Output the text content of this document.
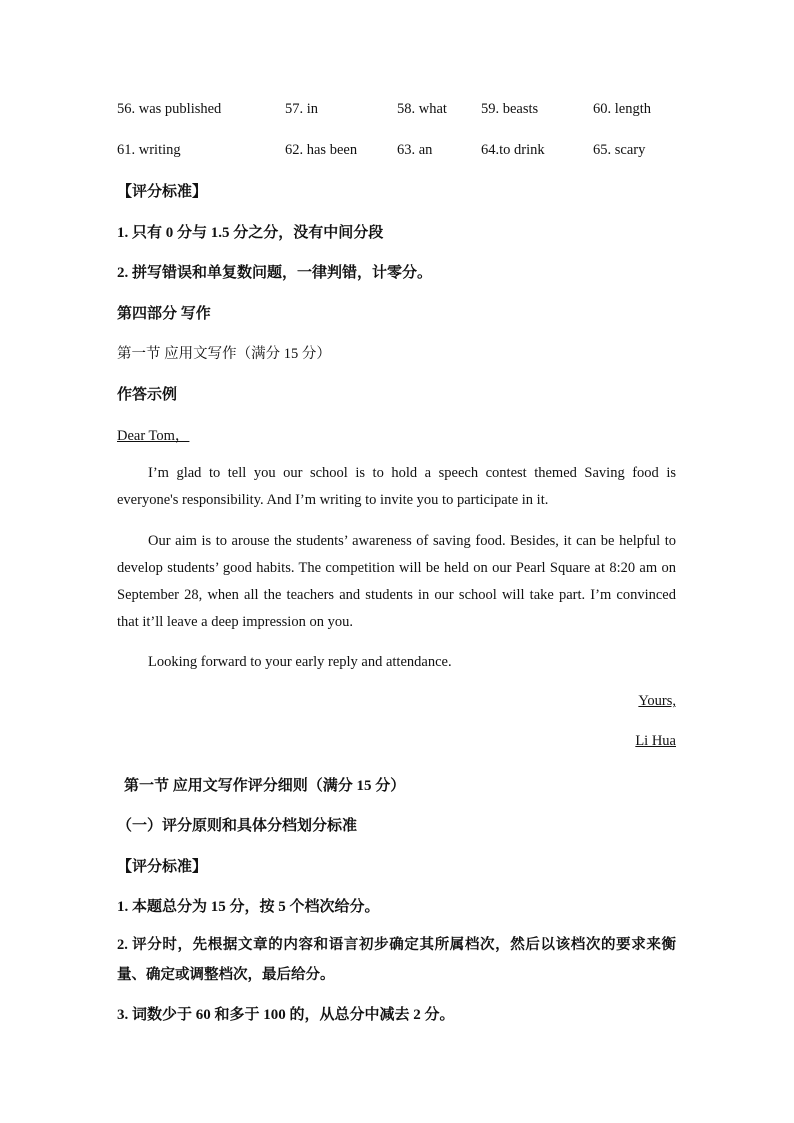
56. was published	57. in	58. what 59. beasts	60. length
61. writing	62. has been	63. an	64.to drink	65. scary
【评分标准】
1. 只有 0 分与 1.5 分之分，没有中间分段
2. 拼写错误和单复数问题，一律判错，计零分。
第四部分 写作
第一节 应用文写作（满分 15 分）
作答示例
Dear Tom，

I’m glad to tell you our school is to hold a speech contest themed Saving food is everyone's responsibility. And I’m writing to invite you to participate in it.

Our aim is to arouse the students’ awareness of saving food. Besides, it can be helpful to develop students’ good habits. The competition will be held on our Pearl Square at 8:20 am on September 28, when all the teachers and students in our school will take part. I’m convinced that it’ll leave a deep impression on you.

Looking forward to your early reply and attendance.

Yours,
Li Hua
第一节 应用文写作评分细则（满分 15 分）
（一）评分原则和具体分档划分标准
【评分标准】
1. 本题总分为 15 分，按 5 个档次给分。
2. 评分时，先根据文章的内容和语言初步确定其所属档次，然后以该档次的要求来衡量、确定或调整档次，最后给分。
3. 词数少于 60 和多于 100 的，从总分中减去 2 分。
